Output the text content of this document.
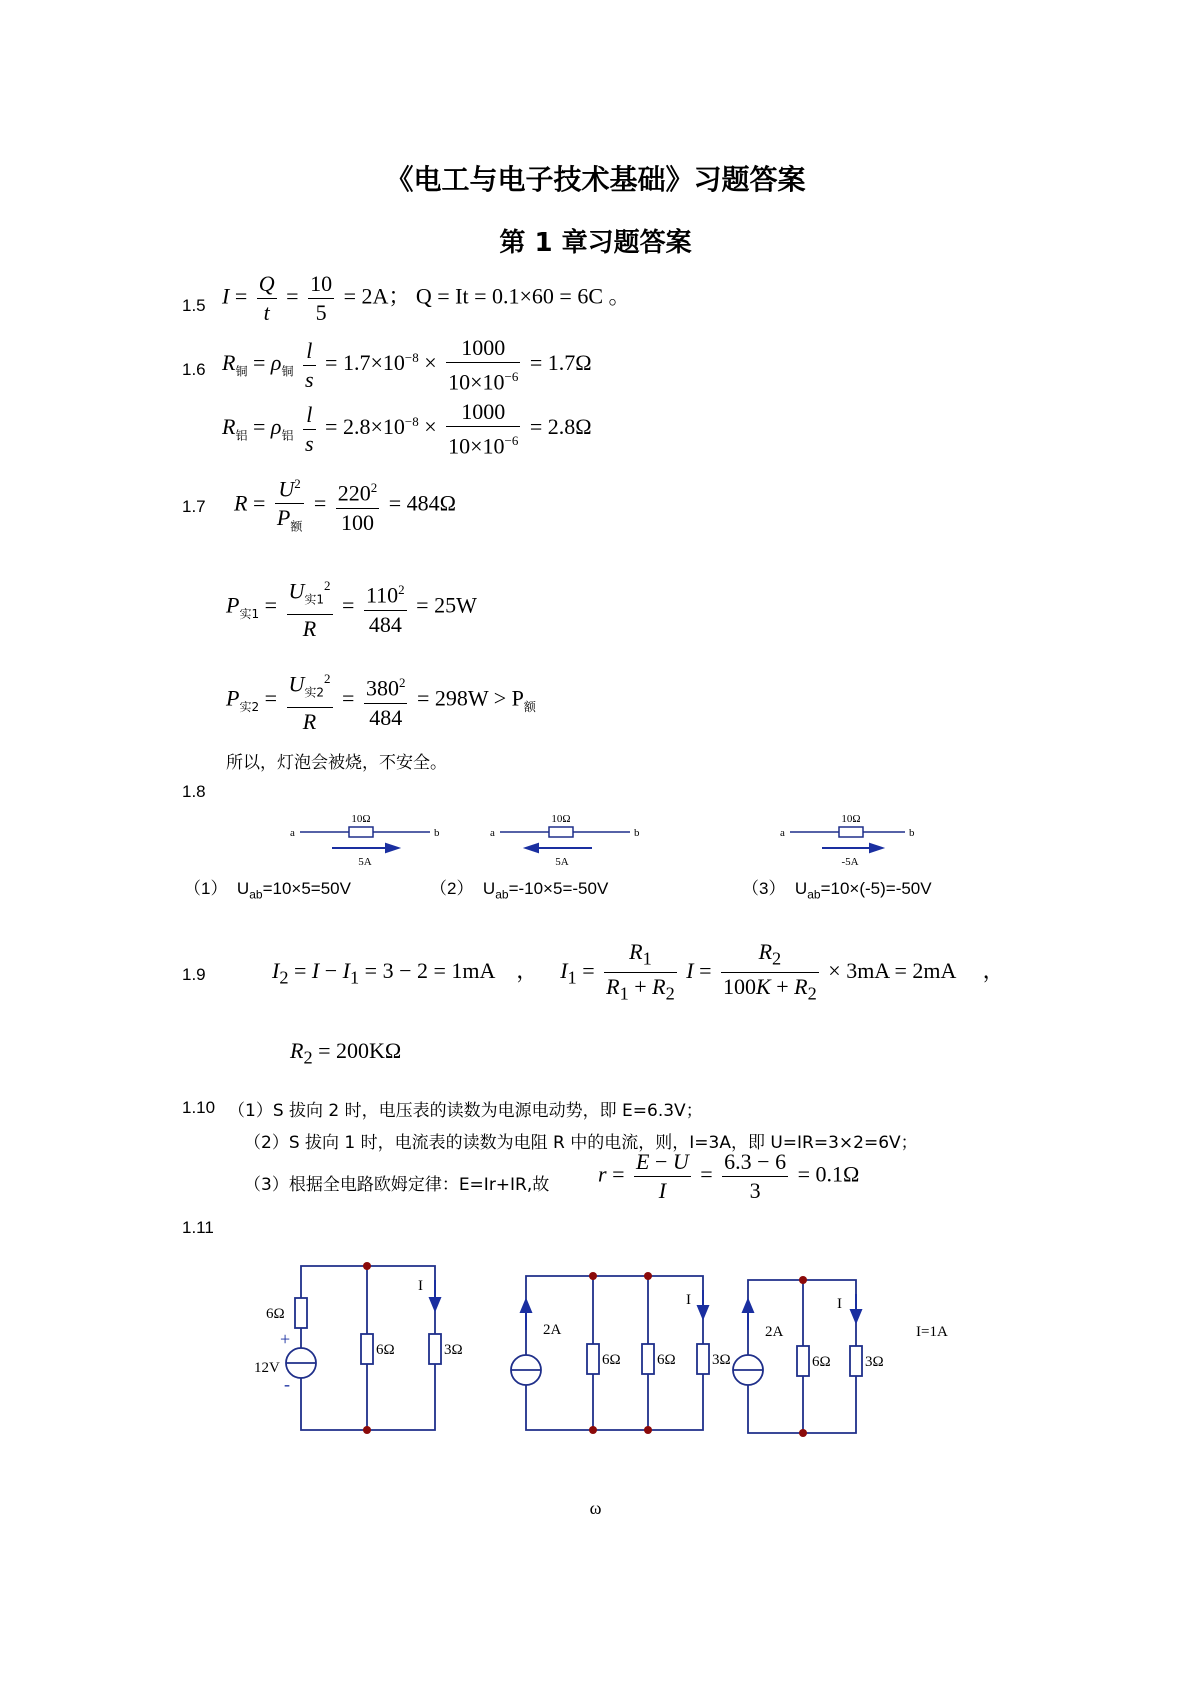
《电工与电子技术基础》习题答案
第 1 章习题答案
1.5 $I = \frac{Q}{t} = \frac{10}{5} = 2A$； Q = It = 0.1×60 = 6C 。
1.6 $R_铜 = \rho_铜 \frac{l}{s} = 1.7\times 10^{-8} \times \frac{1000}{10\times 10^{-6}} = 1.7\Omega$
$R_铝 = \rho_铝 \frac{l}{s} = 2.8\times 10^{-8} \times \frac{1000}{10\times 10^{-6}} = 2.8\Omega$
1.7 $R = \frac{U^2}{P_额} = \frac{220^2}{100} = 484\Omega$
$P_{实1} = \frac{U_{实1}^2}{R} = \frac{110^2}{484} = 25W$
$P_{实2} = \frac{U_{实2}^2}{R} = \frac{380^2}{484} = 298W > P_额$
所以，灯泡会被烧，不安全。
1.8
10Ω	10Ω	10Ω
a	b	a	b	a	b
5A	5A	-5A
（1） $U_{ab}=10\times 5=50V$	（2） $U_{ab}=-10\times 5=-50V$	（3） $U_{ab}=10\times(-5)=-50V$
1.9	$I_2 = I - I_1 = 3 - 2 = 1mA$ ， $I_1 = \frac{R_1}{R_1 + R_2}$ $I = \frac{R_2}{100K + R_2} \times 3mA = 2mA$ ，
$R_2 = 200K\Omega$
1.10 （1）S 拔向 2 时，电压表的读数为电源电动势，即 E=6.3V；
（2）S 拔向 1 时，电流表的读数为电阻 R 中的电流，则，I=3A，即 U=IR=3×2=6V；
（3）根据全电路欧姆定律：E=Ir+IR,故 $r = \frac{E - U}{I} = \frac{6.3 - 6}{3} = 0.1\Omega$
1.11
6Ω
+
12V
-
6Ω	3Ω
I
2A
6Ω 6Ω 3Ω
I
2A
6Ω 3Ω
I
I=1A
ω
